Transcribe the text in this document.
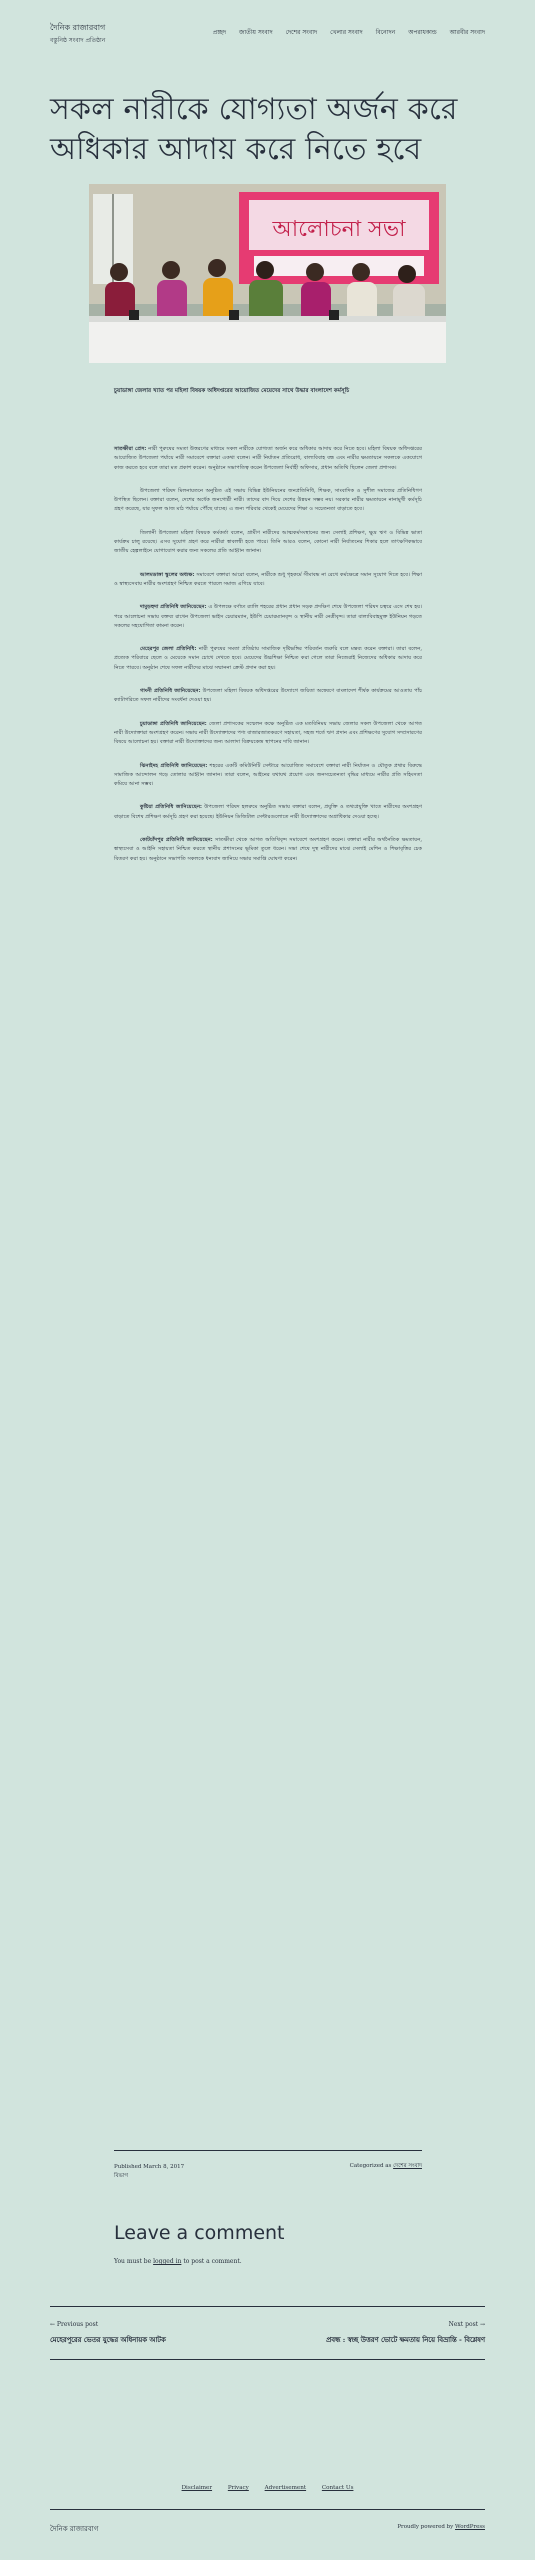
দৈনিক রাজারবাগ
বস্তুনিষ্ঠ সংবাদ প্রতিষ্ঠান
প্রচ্ছদ জাতীয় সংবাদ দেশের সংবাদ খেলার সংবাদ বিনোদন অপরাধকান্ড আরবীর সংবাদ
সকল নারীকে যোগ্যতা অর্জন করে অধিকার আদায় করে নিতে হবে
আলোচনা সভা
চুয়াডাঙ্গা জেলার খ্যাত পর মহিলা বিষয়ক অধিদপ্তরের আয়োজিত মেয়েদের সাথে উদ্ধার বাংলাদেশ কর্মসূচি

সাতক্ষীরা প্রেস: নারী পুরুষের সমতা উত্তরণের মাধ্যমে সকল নারীকে যোগ্যতা অর্জন করে অধিকার আদায় করে নিতে হবে। মহিলা বিষয়ক অধিদপ্তরের আয়োজিত উপজেলা পর্যায়ে নারী সমাবেশে বক্তারা একথা বলেন। নারী নির্যাতন প্রতিরোধ, বাল্যবিবাহ বন্ধ এবং নারীর ক্ষমতায়নে সকলকে একযোগে কাজ করতে হবে বলে তারা মত প্রকাশ করেন। অনুষ্ঠানে সভাপতিত্ব করেন উপজেলা নির্বাহী অফিসার, প্রধান অতিথি ছিলেন জেলা প্রশাসক।

উপজেলা পরিষদ মিলনায়তনে অনুষ্ঠিত এই সভায় বিভিন্ন ইউনিয়নের জনপ্রতিনিধি, শিক্ষক, সাংবাদিক ও সুশীল সমাজের প্রতিনিধিগণ উপস্থিত ছিলেন। বক্তারা বলেন, দেশের অর্ধেক জনগোষ্ঠী নারী। তাদের বাদ দিয়ে দেশের উন্নয়ন সম্ভব নয়। সরকার নারীর ক্ষমতায়নে নানামুখী কর্মসূচি গ্রহণ করেছে, যার সুফল আজ মাঠ পর্যায়ে পৌঁছে যাচ্ছে। এ জন্য পরিবার থেকেই মেয়েদের শিক্ষা ও সচেতনতা বাড়াতে হবে।

জিলানী উপজেলা মহিলা বিষয়ক কর্মকর্তা বলেন, গ্রামীণ নারীদের আত্মকর্মসংস্থানের জন্য সেলাই প্রশিক্ষণ, ক্ষুদ্র ঋণ ও বিভিন্ন ভাতা কার্যক্রম চালু রয়েছে। এসব সুযোগ গ্রহণ করে নারীরা স্বাবলম্বী হতে পারে। তিনি আরও বলেন, কোনো নারী নির্যাতনের শিকার হলে তাৎক্ষণিকভাবে জাতীয় হেল্পলাইনে যোগাযোগ করার জন্য সকলের প্রতি আহ্বান জানান।

আলমডাঙ্গা স্কুলের অধ্যক্ষ: সমাবেশে বক্তারা আরো বলেন, নারীকে শুধু গৃহকর্মে সীমাবদ্ধ না রেখে কর্মক্ষেত্রে সমান সুযোগ দিতে হবে। শিক্ষা ও স্বাস্থ্যসেবায় নারীর অংশগ্রহণ নিশ্চিত করতে পারলে সমাজ এগিয়ে যাবে।

দামুড়হুদা প্রতিনিধি জানিয়েছেন: এ উপলক্ষে বর্ণাঢ্য র‍্যালি শহরের প্রধান প্রধান সড়ক প্রদক্ষিণ শেষে উপজেলা পরিষদ চত্বরে এসে শেষ হয়। পরে আলোচনা সভায় বক্তব্য রাখেন উপজেলা ভাইস চেয়ারম্যান, ইউপি চেয়ারম্যানবৃন্দ ও স্থানীয় নারী নেত্রীবৃন্দ। তারা বাল্যবিবাহমুক্ত ইউনিয়ন গড়তে সকলের সহযোগিতা কামনা করেন।

মেহেরপুর জেলা প্রতিনিধি: নারী পুরুষের সমতা প্রতিষ্ঠায় সামাজিক দৃষ্টিভঙ্গির পরিবর্তন জরুরি বলে মন্তব্য করেন বক্তারা। তারা বলেন, প্রত্যেক পরিবারে ছেলে ও মেয়েকে সমান চোখে দেখতে হবে। মেয়েদের উচ্চশিক্ষা নিশ্চিত করা গেলে তারা নিজেরাই নিজেদের অধিকার আদায় করে নিতে পারবে। অনুষ্ঠান শেষে সফল নারীদের মাঝে সম্মাননা ক্রেস্ট প্রদান করা হয়।

গাংনী প্রতিনিধি জানিয়েছেন: উপজেলা মহিলা বিষয়ক অধিদপ্তরের উদ্যোগে জয়িতা অন্বেষণে বাংলাদেশ শীর্ষক কার্যক্রমের আওতায় পাঁচ ক্যাটাগরিতে সফল নারীদের সংবর্ধনা দেওয়া হয়।

চুয়াডাঙ্গা প্রতিনিধি জানিয়েছেন: জেলা প্রশাসকের সম্মেলন কক্ষে অনুষ্ঠিত এক মতবিনিময় সভায় জেলার সকল উপজেলা থেকে আগত নারী উদ্যোক্তারা অংশগ্রহণ করেন। সভায় নারী উদ্যোক্তাদের পণ্য বাজারজাতকরণে সহায়তা, সহজ শর্তে ঋণ প্রদান এবং প্রশিক্ষণের সুযোগ সম্প্রসারণের বিষয়ে আলোচনা হয়। বক্তারা নারী উদ্যোক্তাদের জন্য আলাদা বিক্রয়কেন্দ্র স্থাপনের দাবি জানান।

ঝিনাইদহ প্রতিনিধি জানিয়েছেন: শহরের একটি কমিউনিটি সেন্টারে আয়োজিত সমাবেশে বক্তারা নারী নির্যাতন ও যৌতুক প্রথার বিরুদ্ধে সামাজিক আন্দোলন গড়ে তোলার আহ্বান জানান। তারা বলেন, আইনের যথাযথ প্রয়োগ এবং জনসচেতনতা বৃদ্ধির মাধ্যমে নারীর প্রতি সহিংসতা কমিয়ে আনা সম্ভব।

কুষ্টিয়া প্রতিনিধি জানিয়েছেন: উপজেলা পরিষদ হলরুমে অনুষ্ঠিত সভায় বক্তারা বলেন, প্রযুক্তি ও তথ্যপ্রযুক্তি খাতে নারীদের অংশগ্রহণ বাড়াতে বিশেষ প্রশিক্ষণ কর্মসূচি গ্রহণ করা হয়েছে। ইউনিয়ন ডিজিটাল সেন্টারগুলোতে নারী উদ্যোক্তাদের অগ্রাধিকার দেওয়া হচ্ছে।

কোটচাঁদপুর প্রতিনিধি জানিয়েছেন: সাতক্ষীরা থেকে আগত অতিথিবৃন্দ সমাবেশে অংশগ্রহণ করেন। বক্তারা নারীর অর্থনৈতিক ক্ষমতায়ন, স্বাস্থ্যসেবা ও আইনি সহায়তা নিশ্চিত করতে স্থানীয় প্রশাসনের ভূমিকা তুলে ধরেন। সভা শেষে দুস্থ নারীদের মাঝে সেলাই মেশিন ও শিক্ষাবৃত্তির চেক বিতরণ করা হয়। অনুষ্ঠানে সভাপতি সকলকে ধন্যবাদ জানিয়ে সভার সমাপ্তি ঘোষণা করেন।

Published March 8, 2017
বিভাগ
Categorized as দেশের সংবাদ
Leave a comment
You must be logged in to post a comment.
← Previous post
মেহেরপুরের ভেতর যুদ্ধের অধিনায়ক আটক
Next post →
প্রবন্ধ : স্বচ্ছ উত্তরণ ভোটে ক্ষমতায় নিয়ে বিভ্রান্তি - বিশ্লেষণ
Disclaimer	Privacy	Advertisement	Contact Us
দৈনিক রাজারবাগ	Proudly powered by WordPress
